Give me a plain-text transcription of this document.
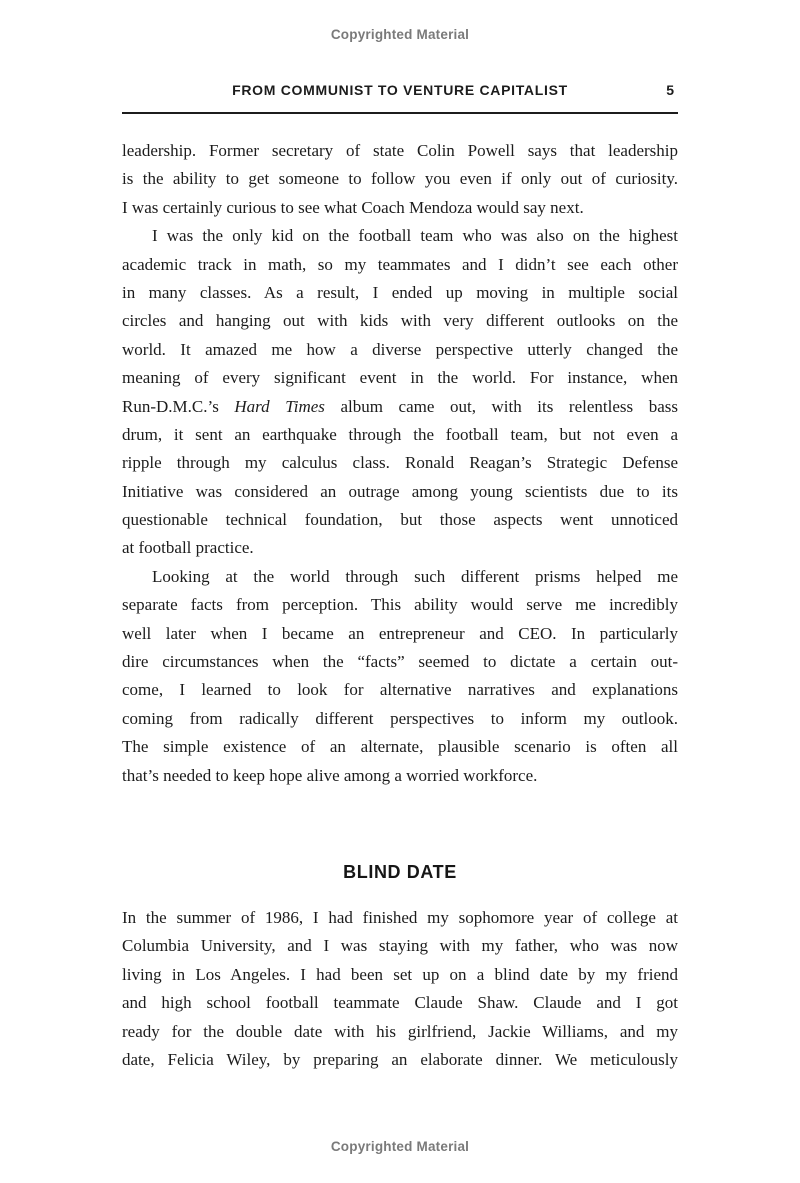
Copyrighted Material
FROM COMMUNIST TO VENTURE CAPITALIST	5
leadership. Former secretary of state Colin Powell says that leadership
is the ability to get someone to follow you even if only out of curiosity.
I was certainly curious to see what Coach Mendoza would say next.
I was the only kid on the football team who was also on the highest
academic track in math, so my teammates and I didn’t see each other
in many classes. As a result, I ended up moving in multiple social
circles and hanging out with kids with very different outlooks on the
world. It amazed me how a diverse perspective utterly changed the
meaning of every significant event in the world. For instance, when
Run-D.M.C.’s Hard Times album came out, with its relentless bass
drum, it sent an earthquake through the football team, but not even a
ripple through my calculus class. Ronald Reagan’s Strategic Defense
Initiative was considered an outrage among young scientists due to its
questionable technical foundation, but those aspects went unnoticed
at football practice.
Looking at the world through such different prisms helped me
separate facts from perception. This ability would serve me incredibly
well later when I became an entrepreneur and CEO. In particularly
dire circumstances when the “facts” seemed to dictate a certain out-
come, I learned to look for alternative narratives and explanations
coming from radically different perspectives to inform my outlook.
The simple existence of an alternate, plausible scenario is often all
that’s needed to keep hope alive among a worried workforce.
BLIND DATE
In the summer of 1986, I had finished my sophomore year of college at
Columbia University, and I was staying with my father, who was now
living in Los Angeles. I had been set up on a blind date by my friend
and high school football teammate Claude Shaw. Claude and I got
ready for the double date with his girlfriend, Jackie Williams, and my
date, Felicia Wiley, by preparing an elaborate dinner. We meticulously
Copyrighted Material
